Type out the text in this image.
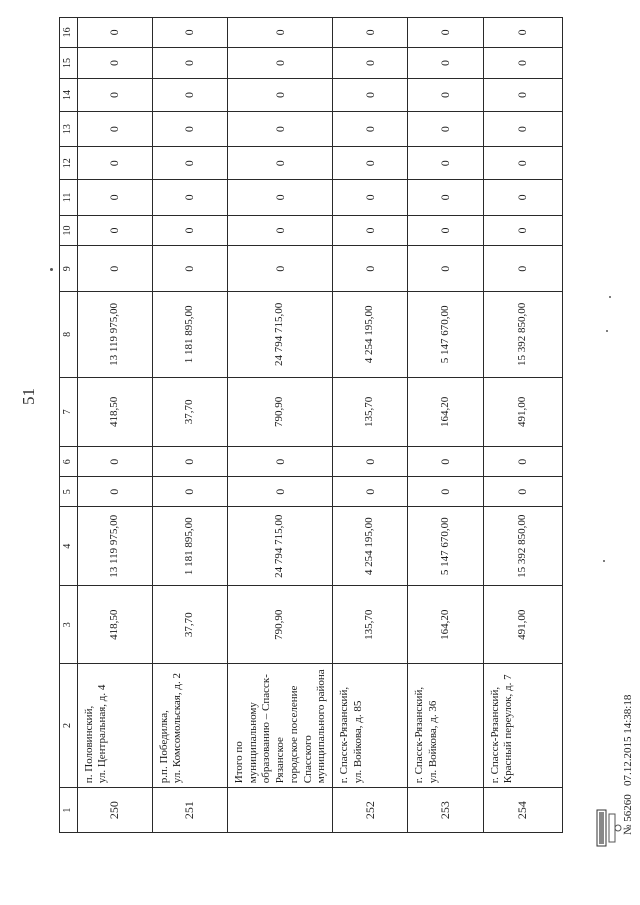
51
1	2	3	4	5	6	7	8	9	10	11	12	13	14	15	16
250	п. Половинский, ул. Центральная, д. 4	418,50	13 119 975,00	0	0	418,50	13 119 975,00	0	0	0	0	0	0	0	0
251	р.п. Победилка, ул. Комсомольская, д. 2	37,70	1 181 895,00	0	0	37,70	1 181 895,00	0	0	0	0	0	0	0	0

	Итого по муниципальному образованию – Спасск-Рязанское городское поселение Спасского муниципального района	790,90	24 794 715,00	0	0	790,90	24 794 715,00	0	0	0	0	0	0	0	0
252	г. Спасск-Рязанский, ул. Войкова, д. 85	135,70	4 254 195,00	0	0	135,70	4 254 195,00	0	0	0	0	0	0	0	0
253	г. Спасск-Рязанский, ул. Войкова, д. 36	164,20	5 147 670,00	0	0	164,20	5 147 670,00	0	0	0	0	0	0	0	0
254	г. Спасск-Рязанский, Красный переулок, д. 7	491,00	15 392 850,00	0	0	491,00	15 392 850,00	0	0	0	0	0	0	0	0
№ 56260   07.12.2015 14:38:18
